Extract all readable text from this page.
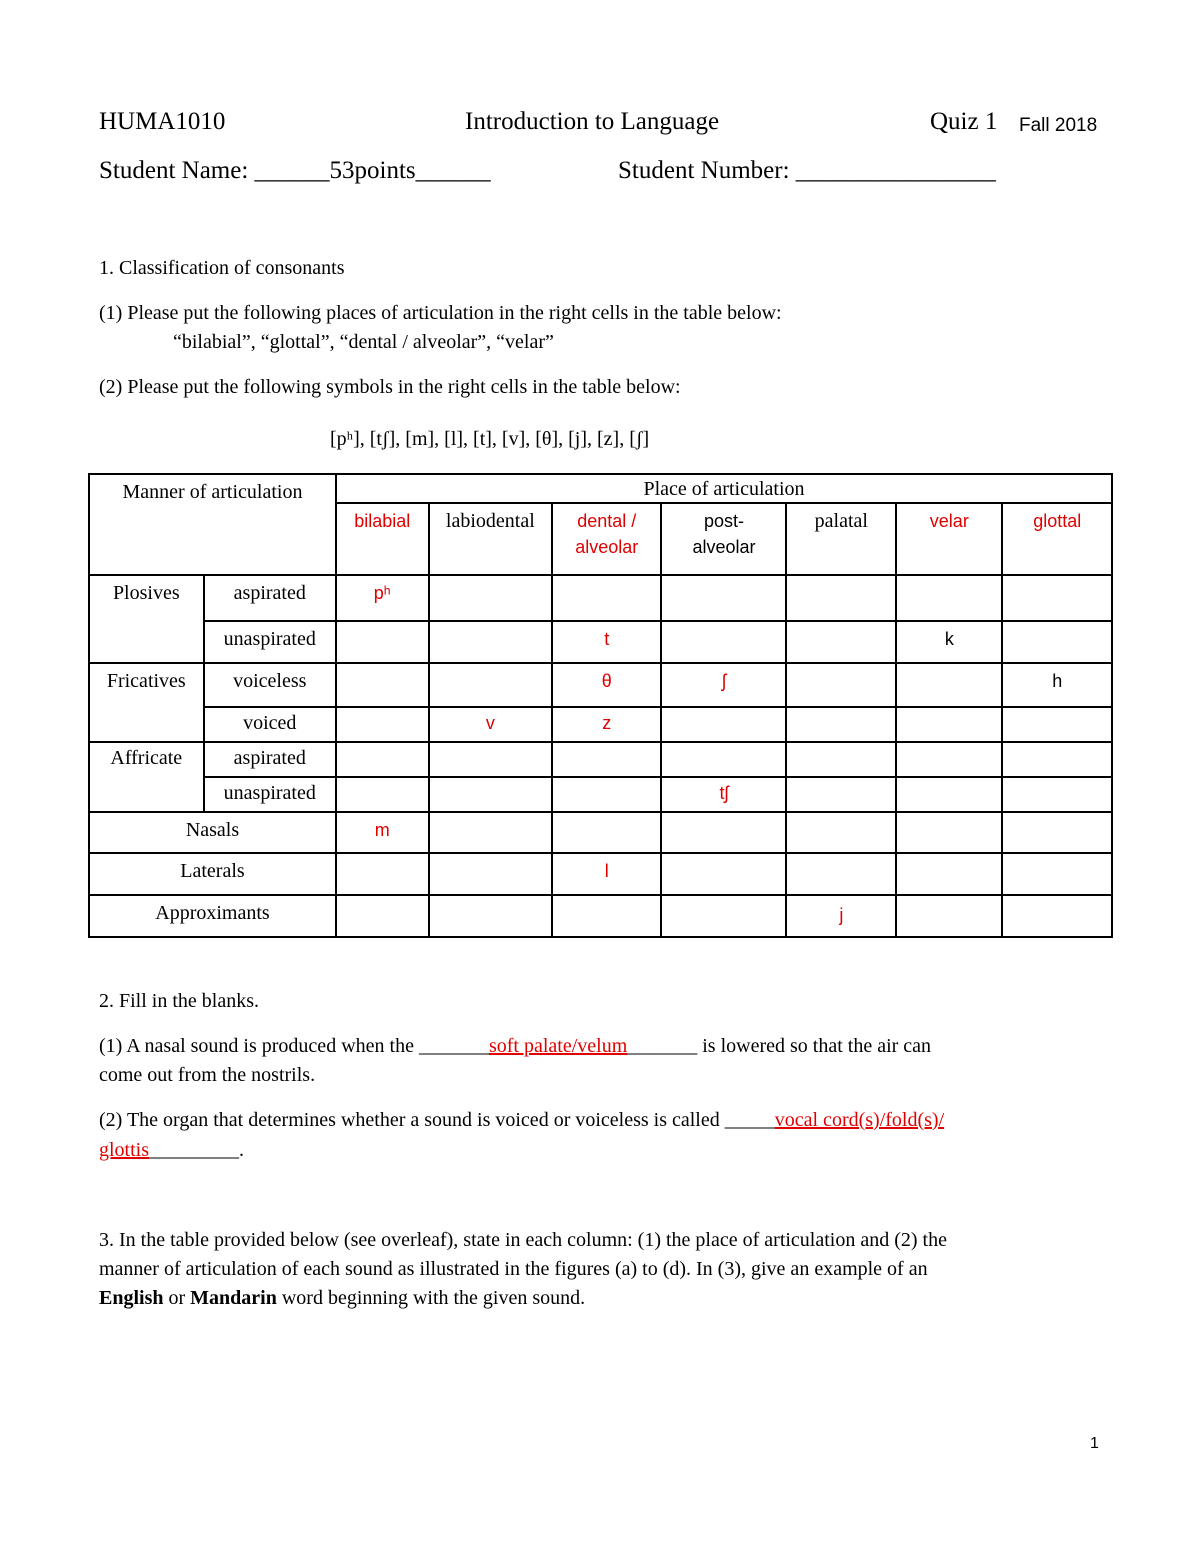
HUMA1010	Introduction to Language	Quiz 1 Fall 2018
Student Name: ______53points______	Student Number: ________________
1. Classification of consonants
(1) Please put the following places of articulation in the right cells in the table below:
“bilabial”, “glottal”, “dental / alveolar”, “velar”
(2) Please put the following symbols in the right cells in the table below:
[pʰ], [tʃ], [m], [l], [t], [v], [θ], [j], [z], [ʃ]
Manner of articulation		Place of articulation						

		bilabial	labiodental	dental / alveolar	post-alveolar	palatal	velar	glottal

Plosives	aspirated	pʰ						

	unaspirated			t			k	

Fricatives	voiceless			θ	ʃ			h

	voiced		v	z				

Affricate	aspirated							

	unaspirated				tʃ			

Nasals		m						

Laterals				l				

Approximants						j		

2. Fill in the blanks.
(1) A nasal sound is produced when the _______soft palate/velum_______ is lowered so that the air can
come out from the nostrils.
(2) The organ that determines whether a sound is voiced or voiceless is called _____vocal cord(s)/fold(s)/
glottis_________.
3. In the table provided below (see overleaf), state in each column: (1) the place of articulation and (2) the
manner of articulation of each sound as illustrated in the figures (a) to (d). In (3), give an example of an
English or Mandarin word beginning with the given sound.
1
